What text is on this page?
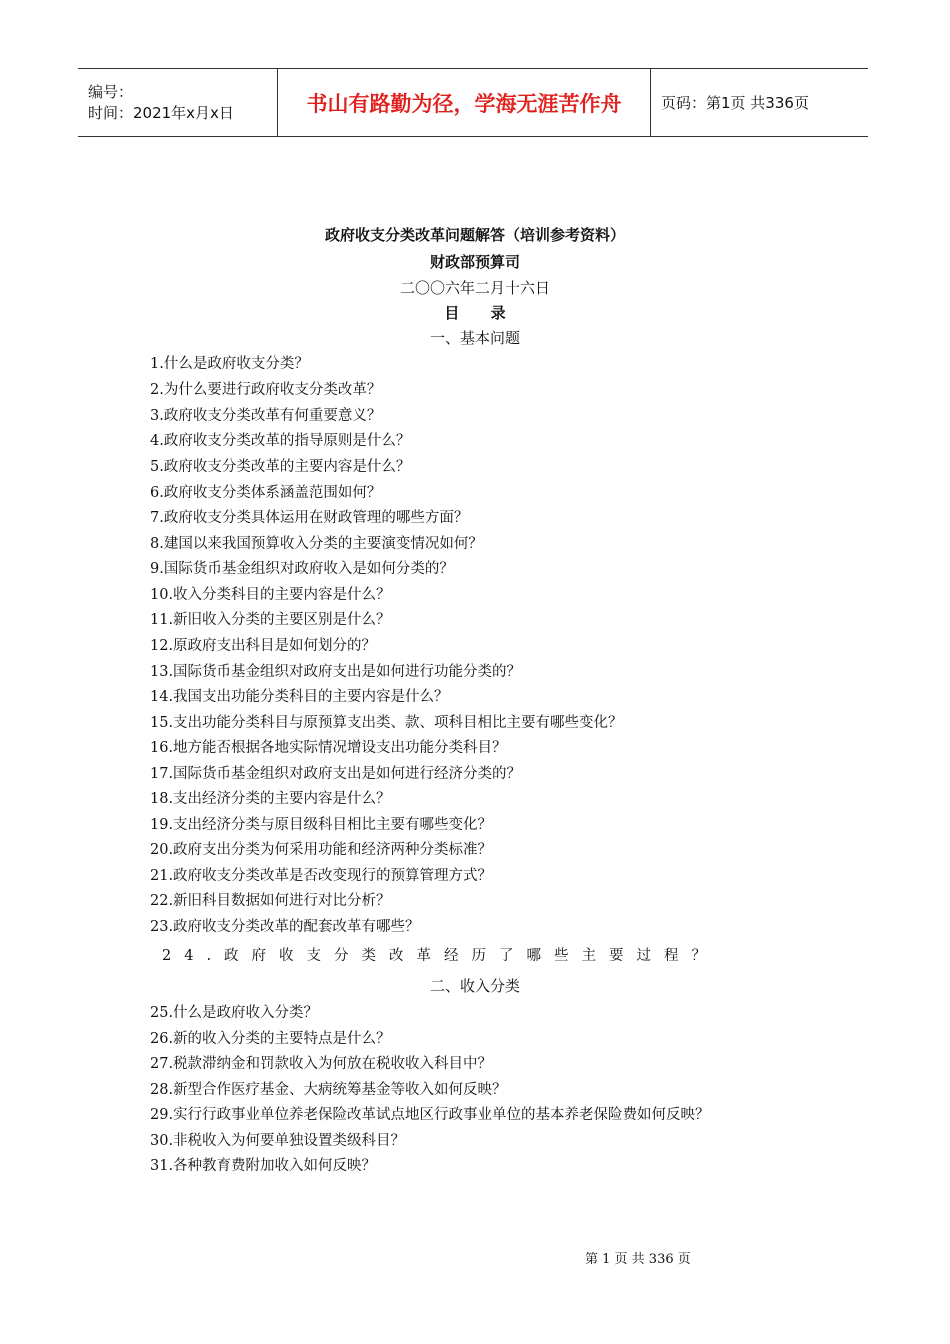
编号：
时间：2021年x月x日	书山有路勤为径，学海无涯苦作舟	页码：第1页 共336页
政府收支分类改革问题解答（培训参考资料）
财政部预算司
二〇〇六年二月十六日
目      录
一、基本问题
1.什么是政府收支分类？
2.为什么要进行政府收支分类改革？
3.政府收支分类改革有何重要意义？
4.政府收支分类改革的指导原则是什么？
5.政府收支分类改革的主要内容是什么？
6.政府收支分类体系涵盖范围如何？
7.政府收支分类具体运用在财政管理的哪些方面？
8.建国以来我国预算收入分类的主要演变情况如何？
9.国际货币基金组织对政府收入是如何分类的？
10.收入分类科目的主要内容是什么？
11.新旧收入分类的主要区别是什么？
12.原政府支出科目是如何划分的？
13.国际货币基金组织对政府支出是如何进行功能分类的？
14.我国支出功能分类科目的主要内容是什么？
15.支出功能分类科目与原预算支出类、款、项科目相比主要有哪些变化？
16.地方能否根据各地实际情况增设支出功能分类科目？
17.国际货币基金组织对政府支出是如何进行经济分类的？
18.支出经济分类的主要内容是什么？
19.支出经济分类与原目级科目相比主要有哪些变化？
20.政府支出分类为何采用功能和经济两种分类标准？
21.政府收支分类改革是否改变现行的预算管理方式？
22.新旧科目数据如何进行对比分析？
23.政府收支分类改革的配套改革有哪些？
24.政府收支分类改革经历了哪些主要过程？
二、收入分类
25.什么是政府收入分类？
26.新的收入分类的主要特点是什么？
27.税款滞纳金和罚款收入为何放在税收收入科目中？
28.新型合作医疗基金、大病统筹基金等收入如何反映？
29.实行行政事业单位养老保险改革试点地区行政事业单位的基本养老保险费如何反映？
30.非税收入为何要单独设置类级科目？
31.各种教育费附加收入如何反映？
第 1 页 共 336 页
